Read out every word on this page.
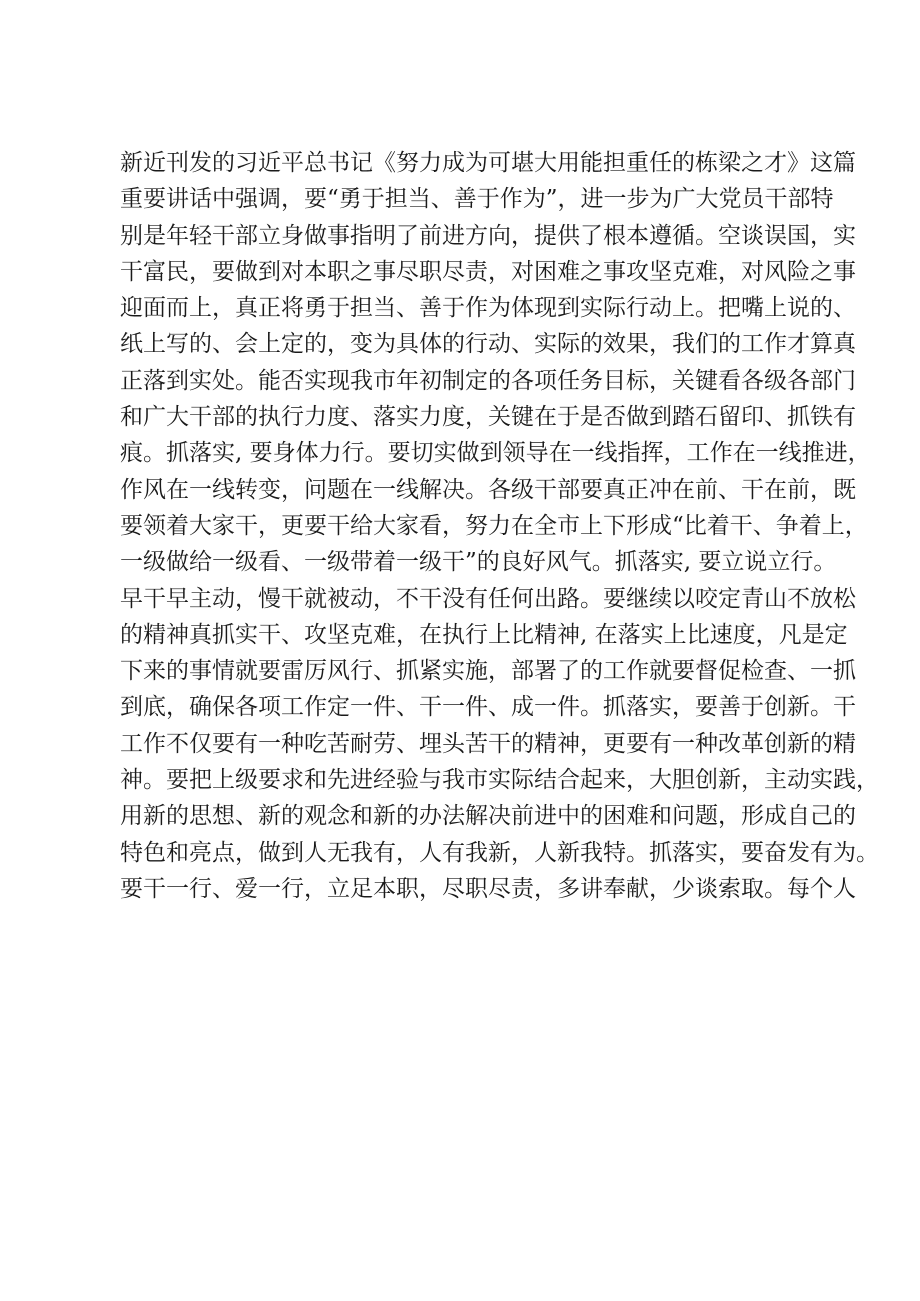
新近刊发的习近平总书记《努力成为可堪大用能担重任的栋梁之才》这篇
重要讲话中强调，要“勇于担当、善于作为”，进一步为广大党员干部特
别是年轻干部立身做事指明了前进方向，提供了根本遵循。空谈误国，实
干富民，要做到对本职之事尽职尽责，对困难之事攻坚克难，对风险之事
迎面而上，真正将勇于担当、善于作为体现到实际行动上。把嘴上说的、
纸上写的、会上定的，变为具体的行动、实际的效果，我们的工作才算真
正落到实处。能否实现我市年初制定的各项任务目标，关键看各级各部门
和广大干部的执行力度、落实力度，关键在于是否做到踏石留印、抓铁有
痕。抓落实, 要身体力行。要切实做到领导在一线指挥，工作在一线推进，
作风在一线转变，问题在一线解决。各级干部要真正冲在前、干在前，既
要领着大家干，更要干给大家看，努力在全市上下形成“比着干、争着上，
一级做给一级看、一级带着一级干”的良好风气。抓落实, 要立说立行。
早干早主动，慢干就被动，不干没有任何出路。要继续以咬定青山不放松
的精神真抓实干、攻坚克难，在执行上比精神, 在落实上比速度，凡是定
下来的事情就要雷厉风行、抓紧实施，部署了的工作就要督促检查、一抓
到底，确保各项工作定一件、干一件、成一件。抓落实，要善于创新。干
工作不仅要有一种吃苦耐劳、埋头苦干的精神，更要有一种改革创新的精
神。要把上级要求和先进经验与我市实际结合起来，大胆创新，主动实践，
用新的思想、新的观念和新的办法解决前进中的困难和问题，形成自己的
特色和亮点，做到人无我有，人有我新，人新我特。抓落实，要奋发有为。
要干一行、爱一行，立足本职，尽职尽责，多讲奉献，少谈索取。每个人
